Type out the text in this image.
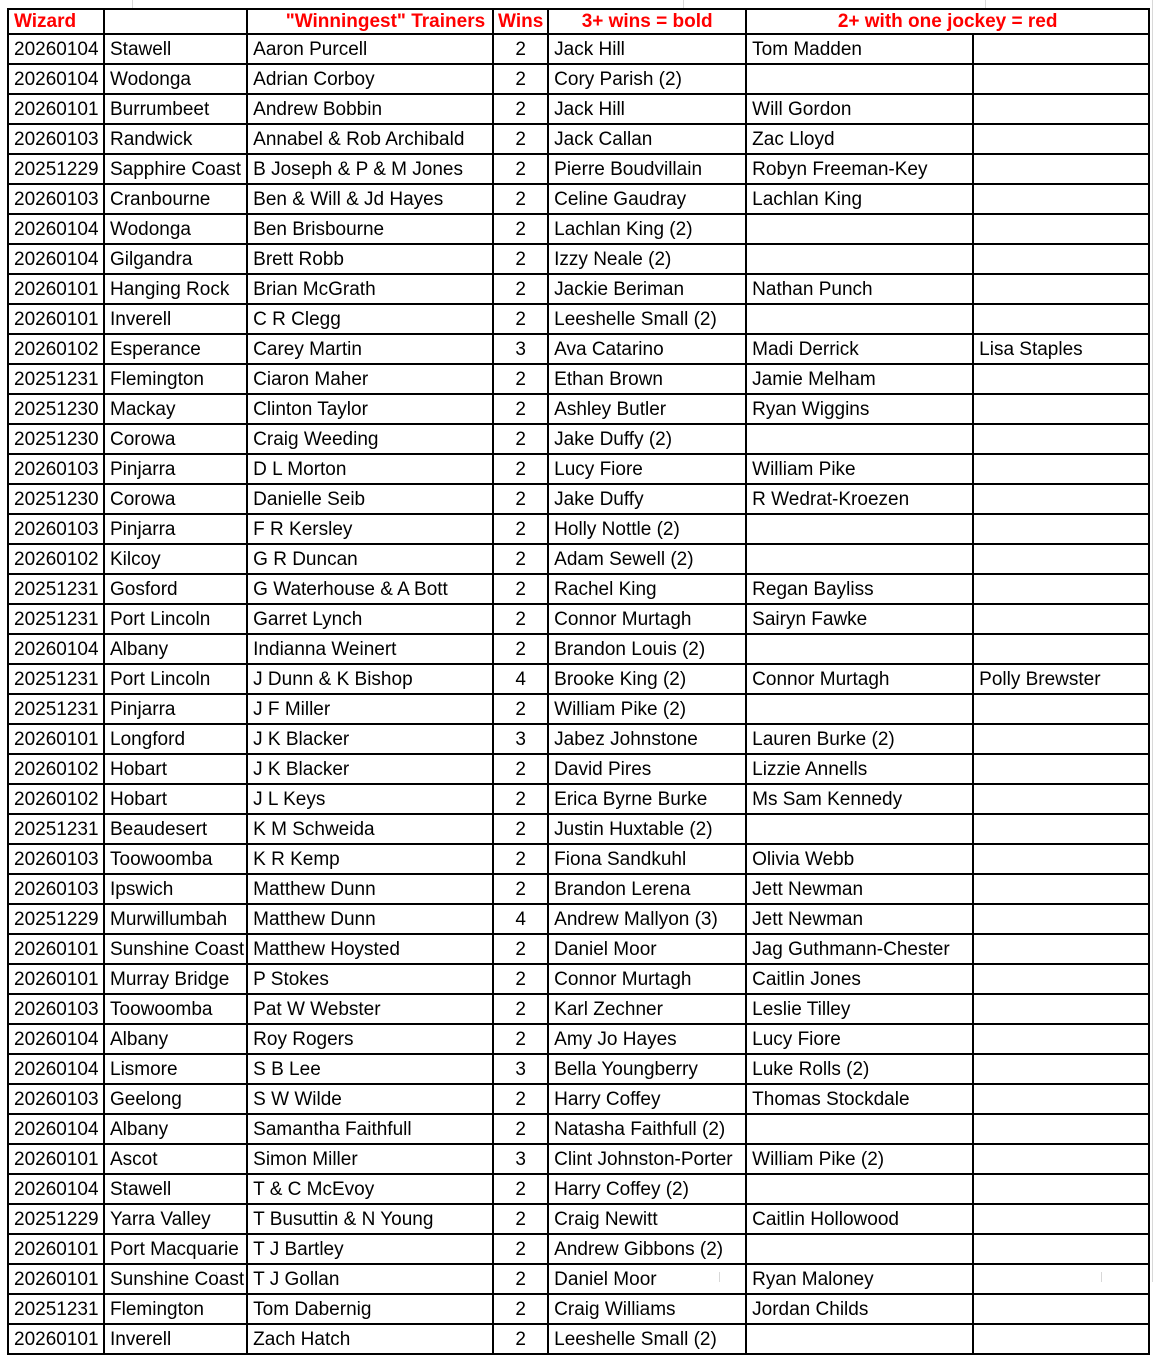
Wizard		"Winningest" Trainers	Wins	3+ wins = bold	2+ with one jockey = red	
20260104	Stawell	Aaron Purcell	2	Jack Hill	Tom Madden	
20260104	Wodonga	Adrian Corboy	2	Cory Parish (2)		
20260101	Burrumbeet	Andrew Bobbin	2	Jack Hill	Will Gordon	
20260103	Randwick	Annabel & Rob Archibald	2	Jack Callan	Zac Lloyd	
20251229	Sapphire Coast	B Joseph & P & M Jones	2	Pierre Boudvillain	Robyn Freeman-Key	
20260103	Cranbourne	Ben & Will & Jd Hayes	2	Celine Gaudray	Lachlan King	
20260104	Wodonga	Ben Brisbourne	2	Lachlan King (2)		
20260104	Gilgandra	Brett Robb	2	Izzy Neale (2)		
20260101	Hanging Rock	Brian McGrath	2	Jackie Beriman	Nathan Punch	
20260101	Inverell	C R Clegg	2	Leeshelle Small (2)		
20260102	Esperance	Carey Martin	3	Ava Catarino	Madi Derrick	Lisa Staples
20251231	Flemington	Ciaron Maher	2	Ethan Brown	Jamie Melham	
20251230	Mackay	Clinton Taylor	2	Ashley Butler	Ryan Wiggins	
20251230	Corowa	Craig Weeding	2	Jake Duffy (2)		
20260103	Pinjarra	D L Morton	2	Lucy Fiore	William Pike	
20251230	Corowa	Danielle Seib	2	Jake Duffy	R Wedrat-Kroezen	
20260103	Pinjarra	F R Kersley	2	Holly Nottle (2)		
20260102	Kilcoy	G R Duncan	2	Adam Sewell (2)		
20251231	Gosford	G Waterhouse & A Bott	2	Rachel King	Regan Bayliss	
20251231	Port Lincoln	Garret Lynch	2	Connor Murtagh	Sairyn Fawke	
20260104	Albany	Indianna Weinert	2	Brandon Louis (2)		
20251231	Port Lincoln	J Dunn & K Bishop	4	Brooke King (2)	Connor Murtagh	Polly Brewster
20251231	Pinjarra	J F Miller	2	William Pike (2)		
20260101	Longford	J K Blacker	3	Jabez Johnstone	Lauren Burke (2)	
20260102	Hobart	J K Blacker	2	David Pires	Lizzie Annells	
20260102	Hobart	J L Keys	2	Erica Byrne Burke	Ms Sam Kennedy	
20251231	Beaudesert	K M Schweida	2	Justin Huxtable (2)		
20260103	Toowoomba	K R Kemp	2	Fiona Sandkuhl	Olivia Webb	
20260103	Ipswich	Matthew Dunn	2	Brandon Lerena	Jett Newman	
20251229	Murwillumbah	Matthew Dunn	4	Andrew Mallyon (3)	Jett Newman	
20260101	Sunshine Coast	Matthew Hoysted	2	Daniel Moor	Jag Guthmann-Chester	
20260101	Murray Bridge	P Stokes	2	Connor Murtagh	Caitlin Jones	
20260103	Toowoomba	Pat W Webster	2	Karl Zechner	Leslie Tilley	
20260104	Albany	Roy Rogers	2	Amy Jo Hayes	Lucy Fiore	
20260104	Lismore	S B Lee	3	Bella Youngberry	Luke Rolls (2)	
20260103	Geelong	S W Wilde	2	Harry Coffey	Thomas Stockdale	
20260104	Albany	Samantha Faithfull	2	Natasha Faithfull (2)		
20260101	Ascot	Simon Miller	3	Clint Johnston-Porter	William Pike (2)	
20260104	Stawell	T & C McEvoy	2	Harry Coffey (2)		
20251229	Yarra Valley	T Busuttin & N Young	2	Craig Newitt	Caitlin Hollowood	
20260101	Port Macquarie	T J Bartley	2	Andrew Gibbons (2)		
20260101	Sunshine Coast	T J Gollan	2	Daniel Moor	Ryan Maloney	
20251231	Flemington	Tom Dabernig	2	Craig Williams	Jordan Childs	
20260101	Inverell	Zach Hatch	2	Leeshelle Small (2)		
